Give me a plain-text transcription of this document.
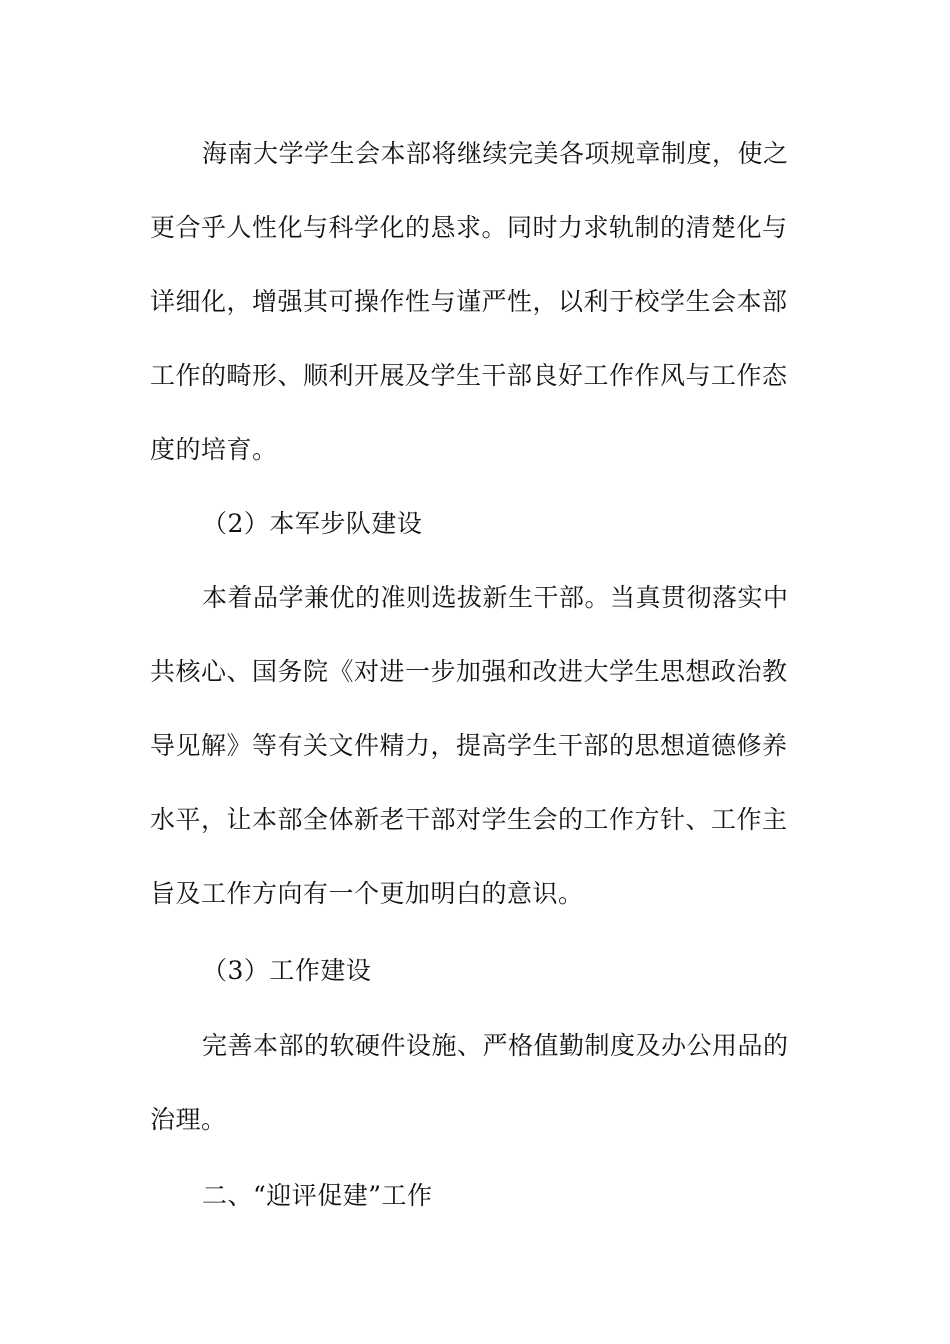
海南大学学生会本部将继续完美各项规章制度，使之
更合乎人性化与科学化的恳求。同时力求轨制的清楚化与
详细化，增强其可操作性与谨严性，以利于校学生会本部
工作的畸形、顺利开展及学生干部良好工作作风与工作态
度的培育。
（2）本军步队建设
本着品学兼优的准则选拔新生干部。当真贯彻落实中
共核心、国务院《对进一步加强和改进大学生思想政治教
导见解》等有关文件精力，提高学生干部的思想道德修养
水平，让本部全体新老干部对学生会的工作方针、工作主
旨及工作方向有一个更加明白的意识。
（3）工作建设
完善本部的软硬件设施、严格值勤制度及办公用品的
治理。
二、“迎评促建”工作
